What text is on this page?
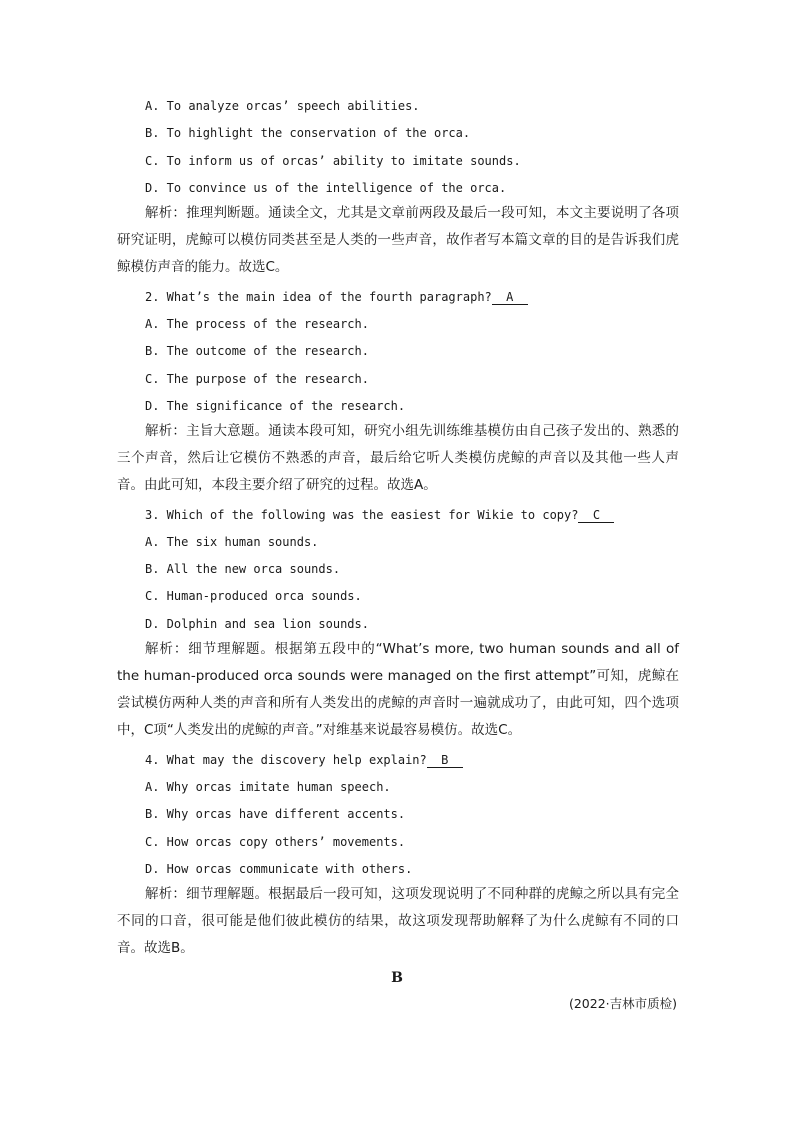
A. To analyze orcas’ speech abilities.
B. To highlight the conservation of the orca.
C. To inform us of orcas’ ability to imitate sounds.
D. To convince us of the intelligence of the orca.
解析：推理判断题。通读全文，尤其是文章前两段及最后一段可知，本文主要说明了各项研究证明，虎鲸可以模仿同类甚至是人类的一些声音，故作者写本篇文章的目的是告诉我们虎鲸模仿声音的能力。故选C。
2. What’s the main idea of the fourth paragraph? A
A. The process of the research.
B. The outcome of the research.
C. The purpose of the research.
D. The significance of the research.
解析：主旨大意题。通读本段可知，研究小组先训练维基模仿由自己孩子发出的、熟悉的三个声音，然后让它模仿不熟悉的声音，最后给它听人类模仿虎鲸的声音以及其他一些人声音。由此可知，本段主要介绍了研究的过程。故选A。
3. Which of the following was the easiest for Wikie to copy? C
A. The six human sounds.
B. All the new orca sounds.
C. Human-produced orca sounds.
D. Dolphin and sea lion sounds.
解析：细节理解题。根据第五段中的“What’s more, two human sounds and all of the human-produced orca sounds were managed on the first attempt”可知，虎鲸在尝试模仿两种人类的声音和所有人类发出的虎鲸的声音时一遍就成功了，由此可知，四个选项中，C项“人类发出的虎鲸的声音。”对维基来说最容易模仿。故选C。
4. What may the discovery help explain? B
A. Why orcas imitate human speech.
B. Why orcas have different accents.
C. How orcas copy others’ movements.
D. How orcas communicate with others.
解析：细节理解题。根据最后一段可知，这项发现说明了不同种群的虎鲸之所以具有完全不同的口音，很可能是他们彼此模仿的结果，故这项发现帮助解释了为什么虎鲸有不同的口音。故选B。
B
(2022·吉林市质检)
